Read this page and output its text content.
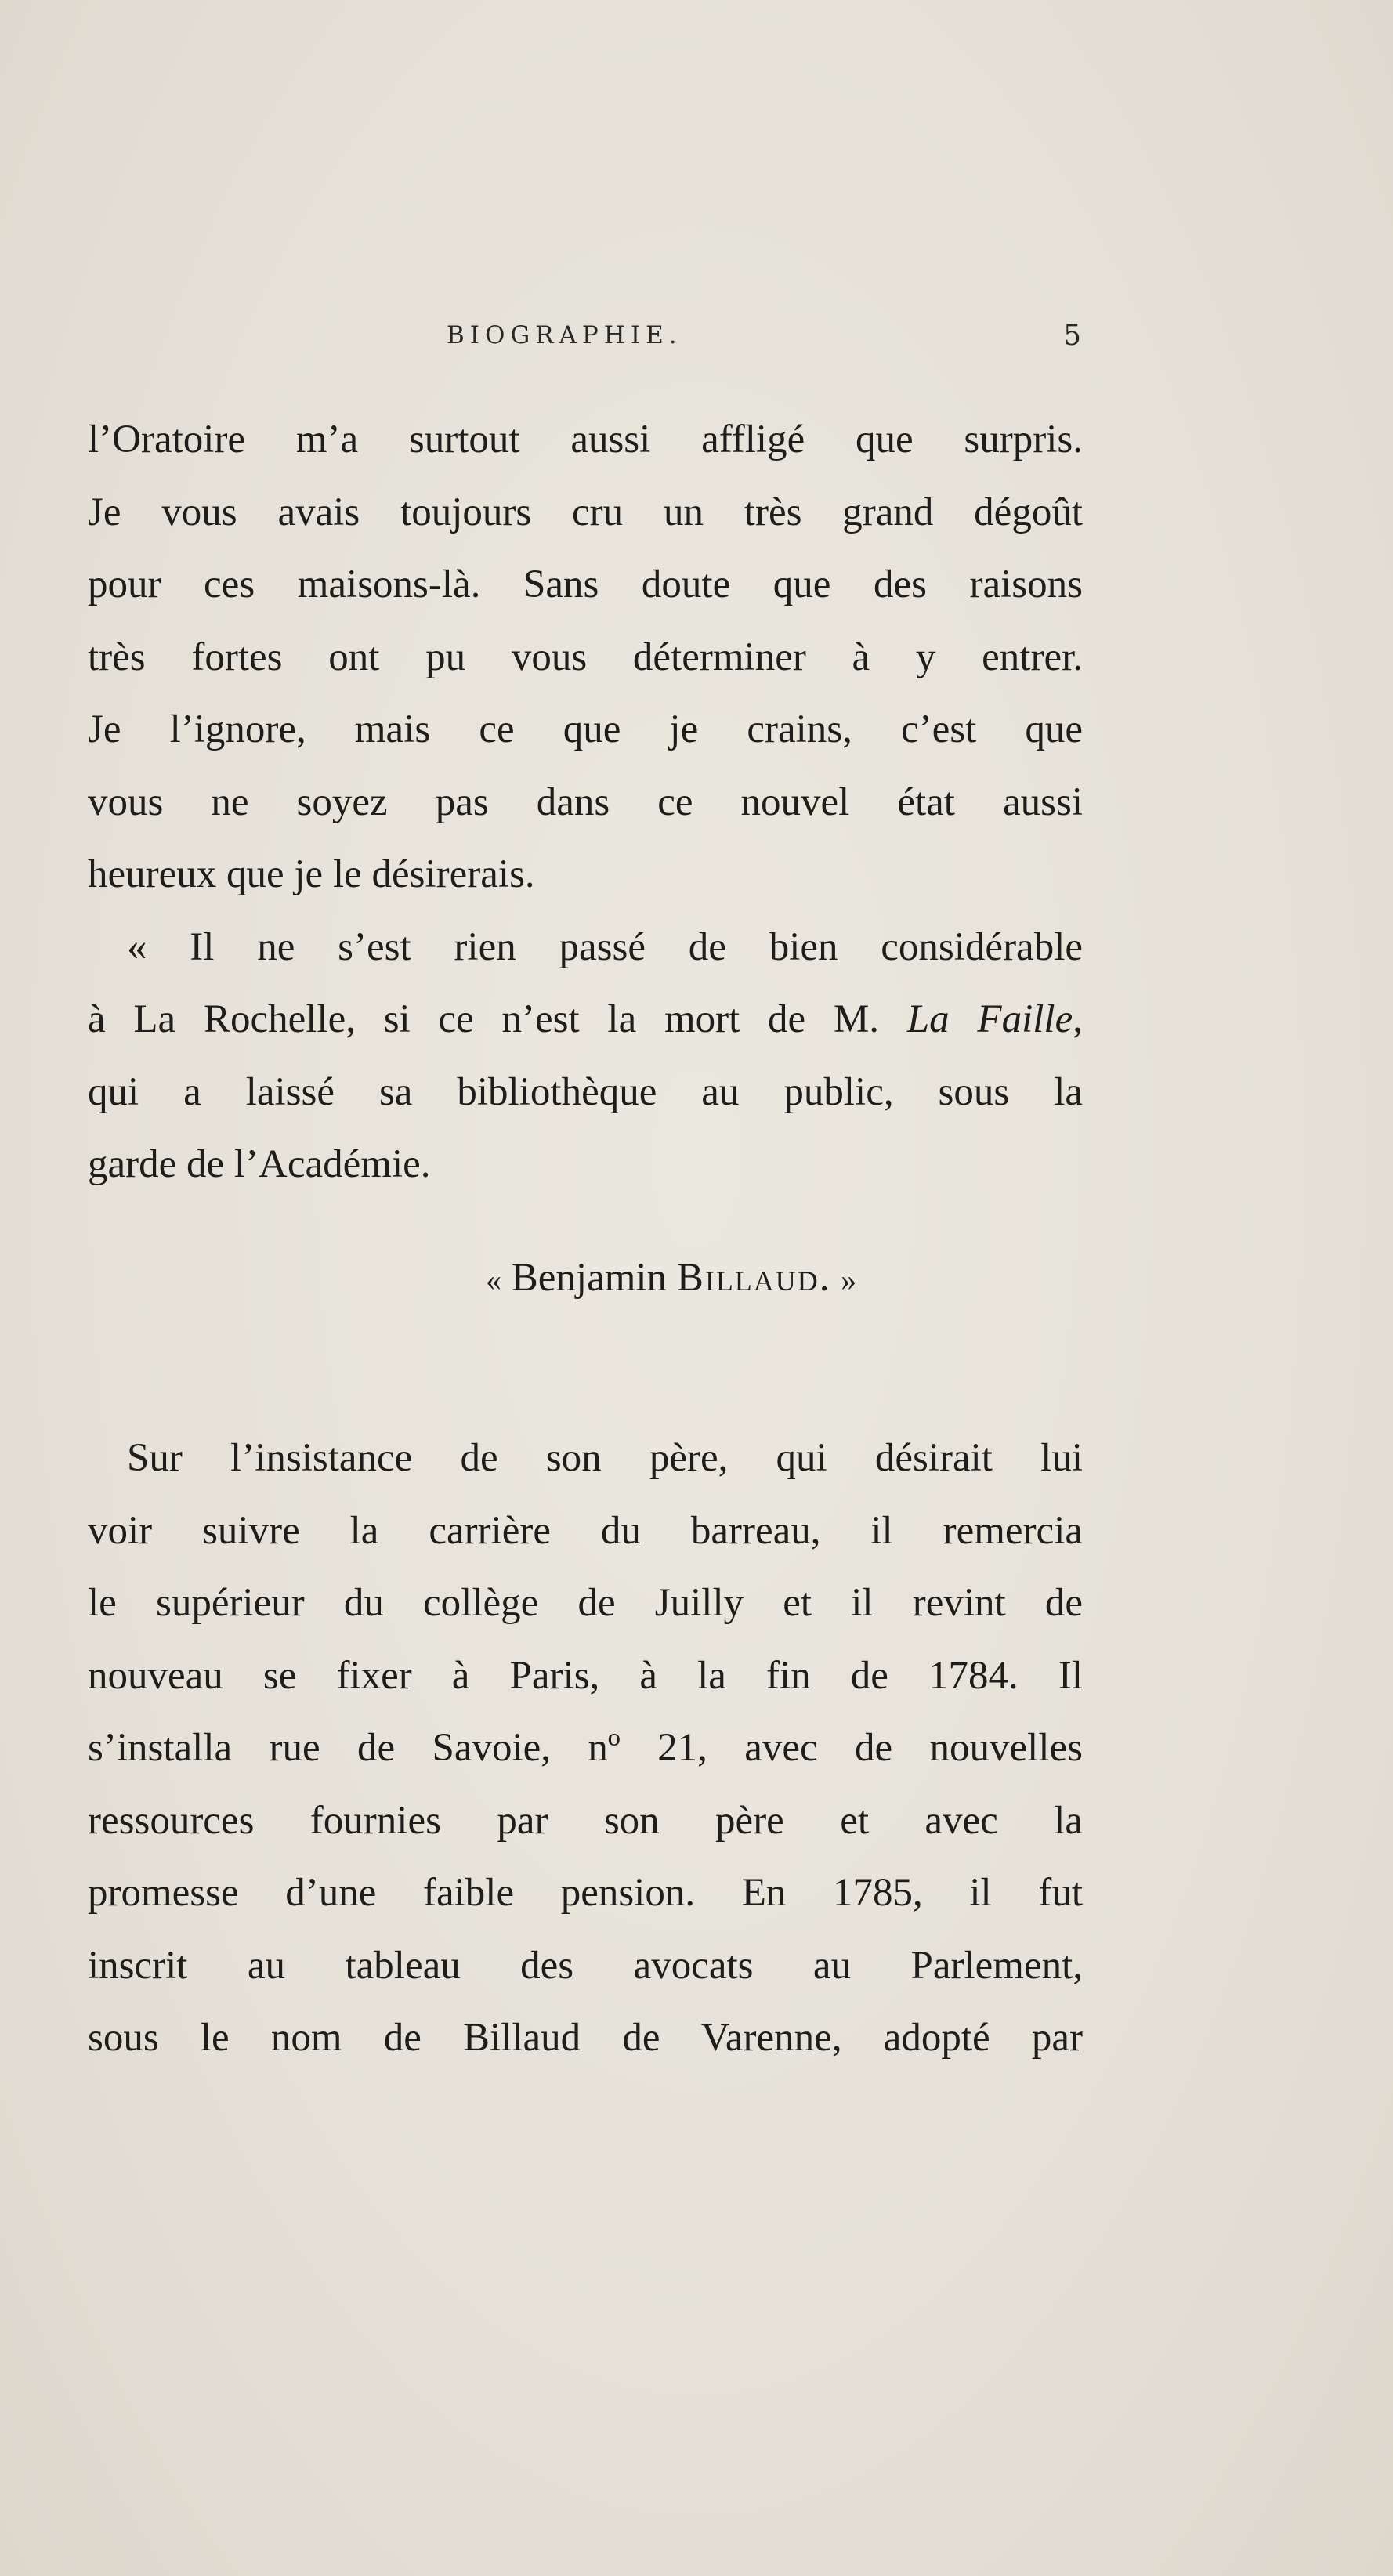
BIOGRAPHIE.	5
l’Oratoire m’a surtout aussi affligé que surpris.
Je vous avais toujours cru un très grand dégoût
pour ces maisons-là. Sans doute que des raisons
très fortes ont pu vous déterminer à y entrer.
Je l’ignore, mais ce que je crains, c’est que
vous ne soyez pas dans ce nouvel état aussi
heureux que je le désirerais.
« Il ne s’est rien passé de bien considérable
à La Rochelle, si ce n’est la mort de M. La Faille,
qui a laissé sa bibliothèque au public, sous la
garde de l’Académie.
« Benjamin Billaud. »
Sur l’insistance de son père, qui désirait lui
voir suivre la carrière du barreau, il remercia
le supérieur du collège de Juilly et il revint de
nouveau se fixer à Paris, à la fin de 1784. Il
s’installa rue de Savoie, nº 21, avec de nouvelles
ressources fournies par son père et avec la
promesse d’une faible pension. En 1785, il fut
inscrit au tableau des avocats au Parlement,
sous le nom de Billaud de Varenne, adopté par
